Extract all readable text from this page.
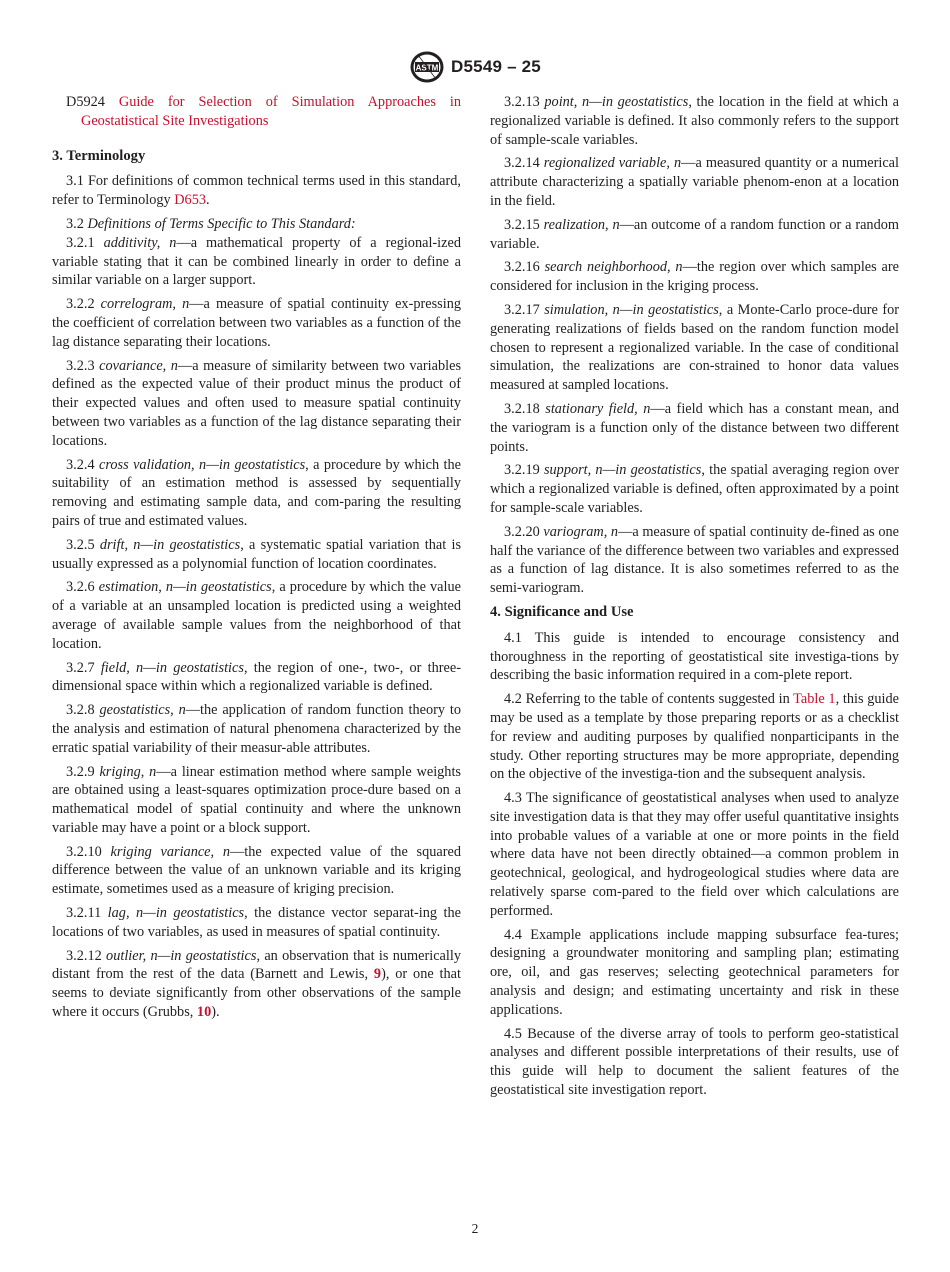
ASTM D5549 – 25

D5924 Guide for Selection of Simulation Approaches in Geostatistical Site Investigations

3. Terminology

3.1 For definitions of common technical terms used in this standard, refer to Terminology D653.

3.2 Definitions of Terms Specific to This Standard:

3.2.1 additivity, n—a mathematical property of a regional-ized variable stating that it can be combined linearly in order to define a similar variable on a larger support.

3.2.2 correlogram, n—a measure of spatial continuity ex-pressing the coefficient of correlation between two variables as a function of the lag distance separating their locations.

3.2.3 covariance, n—a measure of similarity between two variables defined as the expected value of their product minus the product of their expected values and often used to measure spatial continuity between two variables as a function of the lag distance separating their locations.

3.2.4 cross validation, n—in geostatistics, a procedure by which the suitability of an estimation method is assessed by sequentially removing and estimating sample data, and com-paring the resulting pairs of true and estimated values.

3.2.5 drift, n—in geostatistics, a systematic spatial variation that is usually expressed as a polynomial function of location coordinates.

3.2.6 estimation, n—in geostatistics, a procedure by which the value of a variable at an unsampled location is predicted using a weighted average of available sample values from the neighborhood of that location.

3.2.7 field, n—in geostatistics, the region of one-, two-, or three-dimensional space within which a regionalized variable is defined.

3.2.8 geostatistics, n—the application of random function theory to the analysis and estimation of natural phenomena characterized by the erratic spatial variability of their measur-able attributes.

3.2.9 kriging, n—a linear estimation method where sample weights are obtained using a least-squares optimization proce-dure based on a mathematical model of spatial continuity and where the unknown variable may have a point or a block support.

3.2.10 kriging variance, n—the expected value of the squared difference between the value of an unknown variable and its kriging estimate, sometimes used as a measure of kriging precision.

3.2.11 lag, n—in geostatistics, the distance vector separat-ing the locations of two variables, as used in measures of spatial continuity.

3.2.12 outlier, n—in geostatistics, an observation that is numerically distant from the rest of the data (Barnett and Lewis, 9), or one that seems to deviate significantly from other observations of the sample where it occurs (Grubbs, 10).

3.2.13 point, n—in geostatistics, the location in the field at which a regionalized variable is defined. It also commonly refers to the support of sample-scale variables.

3.2.14 regionalized variable, n—a measured quantity or a numerical attribute characterizing a spatially variable phenom-enon at a location in the field.

3.2.15 realization, n—an outcome of a random function or a random variable.

3.2.16 search neighborhood, n—the region over which samples are considered for inclusion in the kriging process.

3.2.17 simulation, n—in geostatistics, a Monte-Carlo proce-dure for generating realizations of fields based on the random function model chosen to represent a regionalized variable. In the case of conditional simulation, the realizations are con-strained to honor data values measured at sampled locations.

3.2.18 stationary field, n—a field which has a constant mean, and the variogram is a function only of the distance between two different points.

3.2.19 support, n—in geostatistics, the spatial averaging region over which a regionalized variable is defined, often approximated by a point for sample-scale variables.

3.2.20 variogram, n—a measure of spatial continuity de-fined as one half the variance of the difference between two variables and expressed as a function of lag distance. It is also sometimes referred to as the semi-variogram.

4. Significance and Use

4.1 This guide is intended to encourage consistency and thoroughness in the reporting of geostatistical site investiga-tions by describing the basic information required in a com-plete report.

4.2 Referring to the table of contents suggested in Table 1, this guide may be used as a template by those preparing reports or as a checklist for review and auditing purposes by qualified nonparticipants in the study. Other reporting structures may be more appropriate, depending on the objective of the investiga-tion and the subsequent analysis.

4.3 The significance of geostatistical analyses when used to analyze site investigation data is that they may offer useful quantitative insights into probable values of a variable at one or more points in the field where data have not been directly obtained—a common problem in geotechnical, geological, and hydrogeological studies where data are relatively sparse com-pared to the field over which calculations are performed.

4.4 Example applications include mapping subsurface fea-tures; designing a groundwater monitoring and sampling plan; estimating ore, oil, and gas reserves; selecting geotechnical parameters for analysis and design; and estimating uncertainty and risk in these applications.

4.5 Because of the diverse array of tools to perform geo-statistical analyses and different possible interpretations of their results, use of this guide will help to document the salient features of the geostatistical site investigation report.

2
